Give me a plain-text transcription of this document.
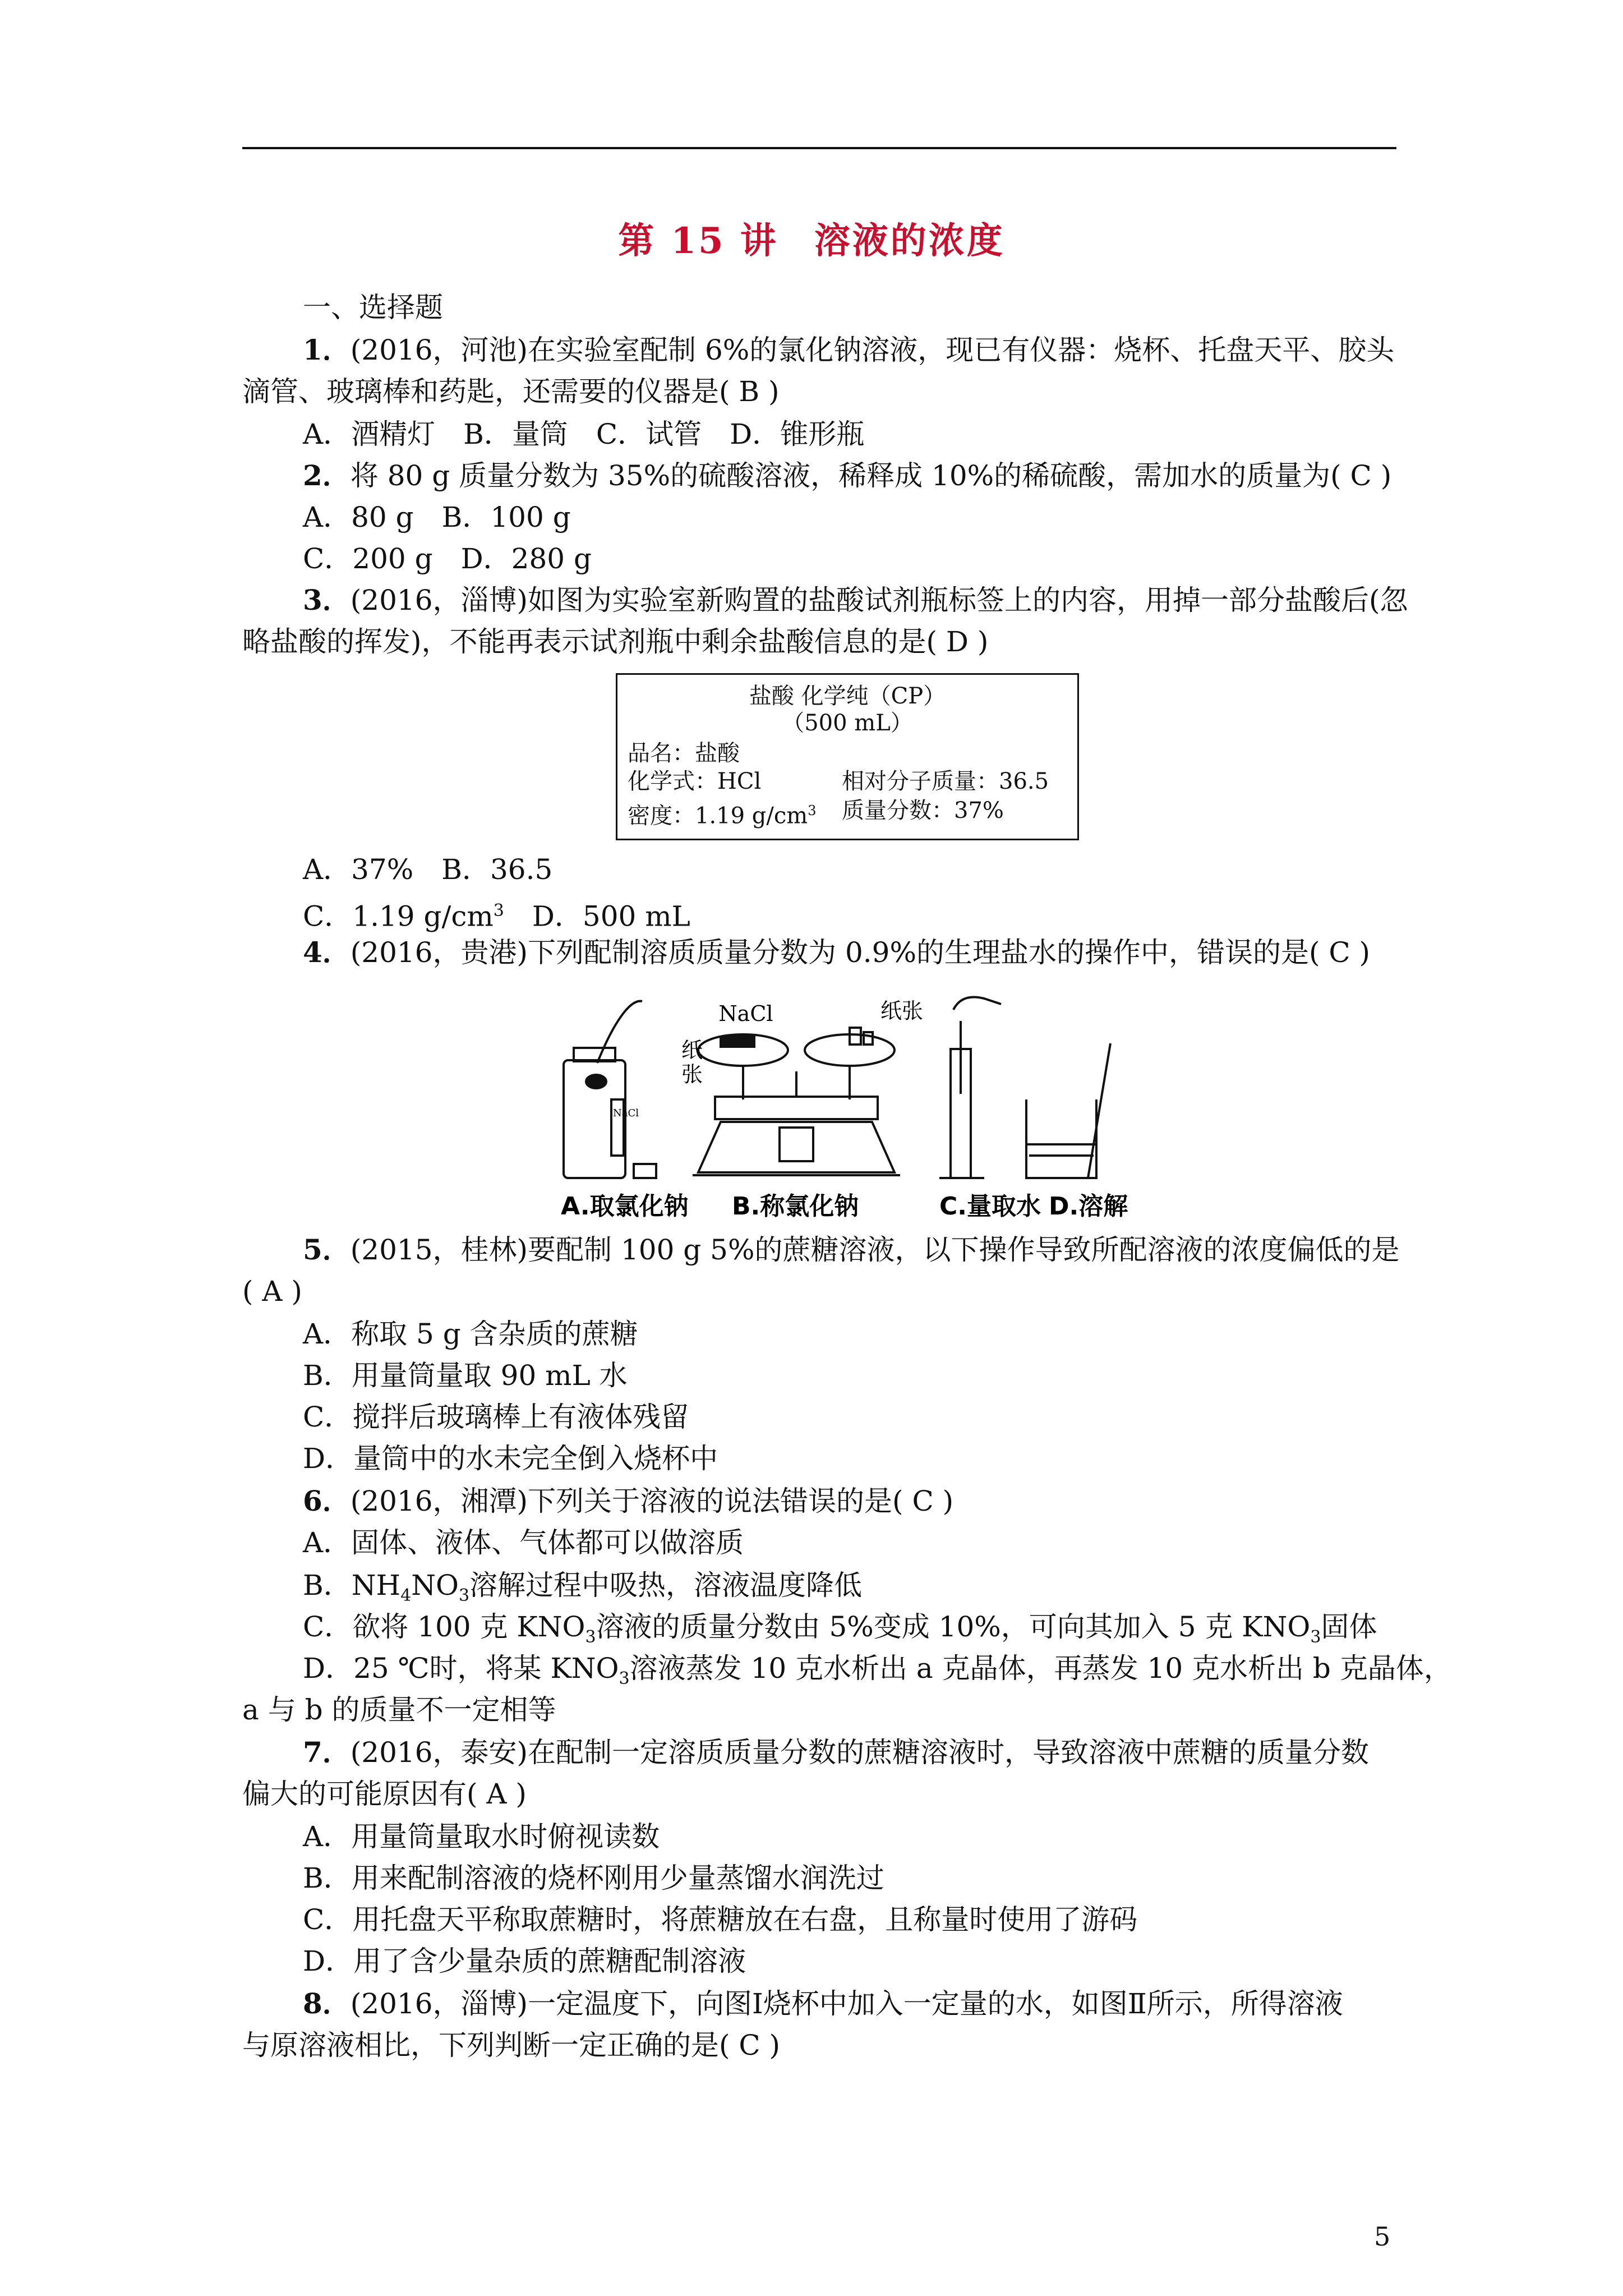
第 15 讲 溶液的浓度
一、选择题
1．(2016，河池)在实验室配制 6%的氯化钠溶液，现已有仪器：烧杯、托盘天平、胶头
滴管、玻璃棒和药匙，还需要的仪器是( B )
A．酒精灯　B．量筒　C．试管　D．锥形瓶
2．将 80 g 质量分数为 35%的硫酸溶液，稀释成 10%的稀硫酸，需加水的质量为( C )
A．80 g　B．100 g
C．200 g　D．280 g
3．(2016，淄博)如图为实验室新购置的盐酸试剂瓶标签上的内容，用掉一部分盐酸后(忽
略盐酸的挥发)，不能再表示试剂瓶中剩余盐酸信息的是( D )
盐酸 化学纯（CP）
（500 mL）
品名：盐酸
化学式：HCl	相对分子质量：36.5
密度：1.19 $g/cm^3$ 质量分数：37%
A．37%　B．36.5
C．1.19 $g/cm^3$　D．500 mL
4．(2016，贵港)下列配制溶质质量分数为 0.9%的生理盐水的操作中，错误的是( C )
NaCl
纸
张
纸张
NaCl
A.取氯化钠 B.称氯化钠	C.量取水 D.溶解
5．(2015，桂林)要配制 100 g 5%的蔗糖溶液，以下操作导致所配溶液的浓度偏低的是
( A )
A．称取 5 g 含杂质的蔗糖
B．用量筒量取 90 mL 水
C．搅拌后玻璃棒上有液体残留
D．量筒中的水未完全倒入烧杯中
6．(2016，湘潭)下列关于溶液的说法错误的是( C )
A．固体、液体、气体都可以做溶质
B．$NH_4NO_3$溶解过程中吸热，溶液温度降低
C．欲将 100 克 $KNO_3$溶液的质量分数由 5%变成 10%，可向其加入 5 克 $KNO_3$固体
D．25 ℃时，将某 $KNO_3$溶液蒸发 10 克水析出 a 克晶体，再蒸发 10 克水析出 b 克晶体，
a 与 b 的质量不一定相等
7．(2016，泰安)在配制一定溶质质量分数的蔗糖溶液时，导致溶液中蔗糖的质量分数
偏大的可能原因有( A )
A．用量筒量取水时俯视读数
B．用来配制溶液的烧杯刚用少量蒸馏水润洗过
C．用托盘天平称取蔗糖时，将蔗糖放在右盘，且称量时使用了游码
D．用了含少量杂质的蔗糖配制溶液
8．(2016，淄博)一定温度下，向图Ⅰ烧杯中加入一定量的水，如图Ⅱ所示，所得溶液
与原溶液相比，下列判断一定正确的是( C )
5
